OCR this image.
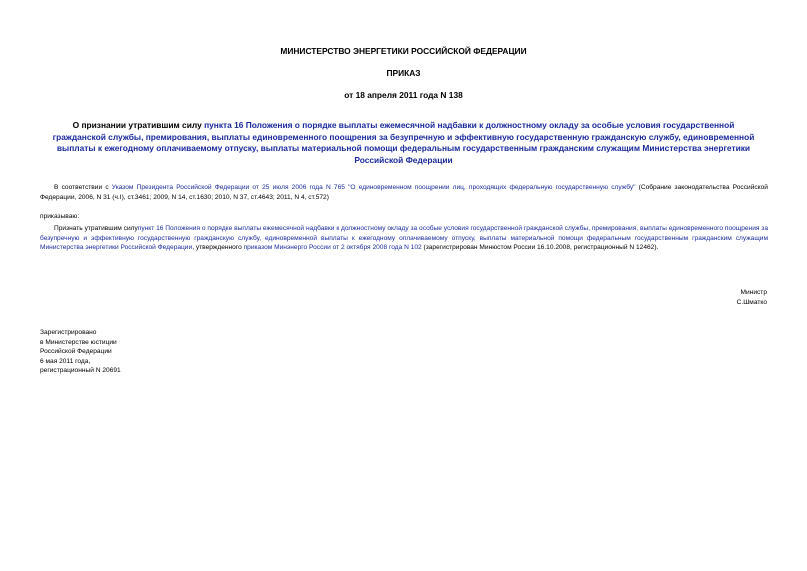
МИНИСТЕРСТВО ЭНЕРГЕТИКИ РОССИЙСКОЙ ФЕДЕРАЦИИ
ПРИКАЗ
от 18 апреля 2011 года N 138
О признании утратившим силу пункта 16 Положения о порядке выплаты ежемесячной надбавки к должностному окладу за особые условия государственной гражданской службы, премирования, выплаты единовременного поощрения за безупречную и эффективную государственную гражданскую службу, единовременной выплаты к ежегодному оплачиваемому отпуску, выплаты материальной помощи федеральным государственным гражданским служащим Министерства энергетики Российской Федерации
В соответствии с Указом Президента Российской Федерации от 25 июля 2006 года N 765 "О единовременном поощрении лиц, проходящих федеральную государственную службу" (Собрание законодательства Российской Федерации, 2006, N 31 (ч.I), ст.3461; 2009, N 14, ст.1630; 2010, N 37, ст.4643; 2011, N 4, ст.572)
приказываю:
Признать утратившим силупункт 16 Положения о порядке выплаты ежемесячной надбавки к должностному окладу за особые условия государственной гражданской службы, премирования, выплаты единовременного поощрения за безупречную и эффективную государственную гражданскую службу, единовременной выплаты к ежегодному оплачиваемому отпуску, выплаты материальной помощи федеральным государственным гражданским служащим Министерства энергетики Российской Федерации, утвержденного приказом Минэнерго России от 2 октября 2008 года N 102 (зарегистрирован Минюстом России 16.10.2008, регистрационный N 12462).
Министр
С.Шматко
Зарегистрировано
в Министерстве юстиции
Российской Федерации
6 мая 2011 года,
регистрационный N 20691
